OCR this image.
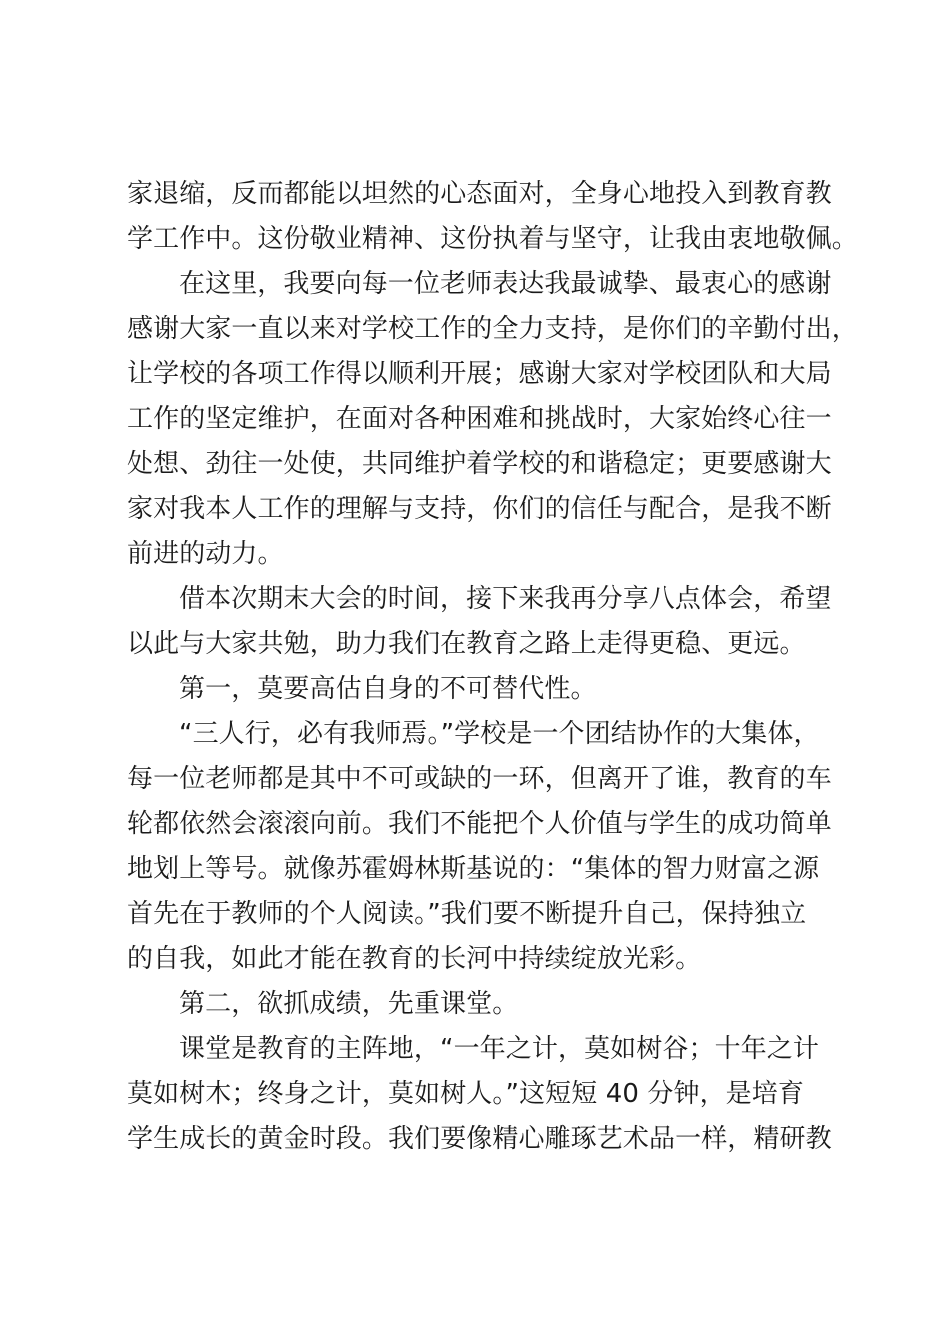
家退缩，反而都能以坦然的心态面对，全身心地投入到教育教
学工作中。这份敬业精神、这份执着与坚守，让我由衷地敬佩。
在这里，我要向每一位老师表达我最诚挚、最衷心的感谢
感谢大家一直以来对学校工作的全力支持，是你们的辛勤付出，
让学校的各项工作得以顺利开展；感谢大家对学校团队和大局
工作的坚定维护，在面对各种困难和挑战时，大家始终心往一
处想、劲往一处使，共同维护着学校的和谐稳定；更要感谢大
家对我本人工作的理解与支持，你们的信任与配合，是我不断
前进的动力。
借本次期末大会的时间，接下来我再分享八点体会，希望
以此与大家共勉，助力我们在教育之路上走得更稳、更远。
第一，莫要高估自身的不可替代性。
“三人行，必有我师焉。”学校是一个团结协作的大集体，
每一位老师都是其中不可或缺的一环，但离开了谁，教育的车
轮都依然会滚滚向前。我们不能把个人价值与学生的成功简单
地划上等号。就像苏霍姆林斯基说的：“集体的智力财富之源
首先在于教师的个人阅读。”我们要不断提升自己，保持独立
的自我，如此才能在教育的长河中持续绽放光彩。
第二，欲抓成绩，先重课堂。
课堂是教育的主阵地，“一年之计，莫如树谷；十年之计
莫如树木；终身之计，莫如树人。”这短短 40 分钟，是培育
学生成长的黄金时段。我们要像精心雕琢艺术品一样，精研教
